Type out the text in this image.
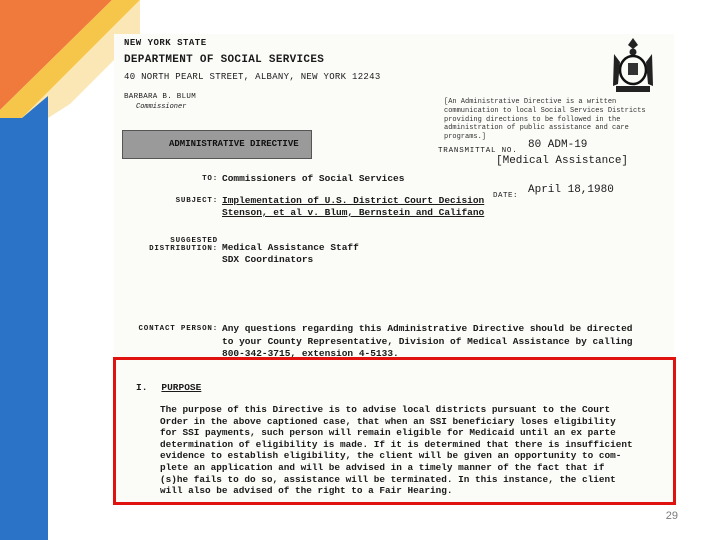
NEW YORK STATE
DEPARTMENT OF SOCIAL SERVICES
40 NORTH PEARL STREET, ALBANY, NEW YORK 12243
BARBARA B. BLUM
Commissioner
[An Administrative Directive is a written communication to local Social Services Districts providing directions to be followed in the administration of public assistance and care programs.]
ADMINISTRATIVE DIRECTIVE
TRANSMITTAL NO. 80 ADM-19
[Medical Assistance]
DATE: April 18,1980
TO: Commissioners of Social Services
SUBJECT: Implementation of U.S. District Court Decision
Stenson, et al v. Blum, Bernstein and Califano
SUGGESTED
DISTRIBUTION: Medical Assistance Staff
SDX Coordinators
CONTACT PERSON: Any questions regarding this Administrative Directive should be directed
to your County Representative, Division of Medical Assistance by calling
800-342-3715, extension 4-5133.
I. PURPOSE
The purpose of this Directive is to advise local districts pursuant to the Court
Order in the above captioned case, that when an SSI beneficiary loses eligibility
for SSI payments, such person will remain eligible for Medicaid until an ex parte
determination of eligibility is made. If it is determined that there is insufficient
evidence to establish eligibility, the client will be given an opportunity to com-
plete an application and will be advised in a timely manner of the fact that if
(s)he fails to do so, assistance will be terminated. In this instance, the client
will also be advised of the right to a Fair Hearing.
29
